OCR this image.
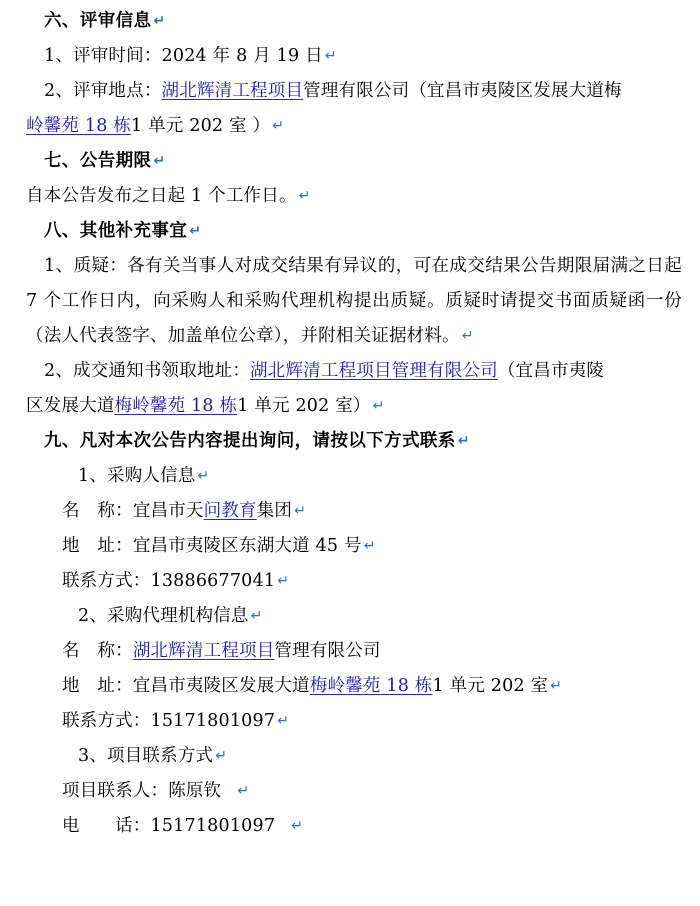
六、评审信息 ↵
1、评审时间：2024 年 8 月 19 日 ↵
2、评审地点：湖北辉清工程项目管理有限公司（宜昌市夷陵区发展大道梅
岭馨苑 18 栋1 单元 202 室 ） ↵
七、公告期限 ↵
自本公告发布之日起 1 个工作日。 ↵
八、其他补充事宜 ↵
1、质疑：各有关当事人对成交结果有异议的，可在成交结果公告期限届满之日起 7 个工作日内，向采购人和采购代理机构提出质疑。质疑时请提交书面质疑函一份（法人代表签字、加盖单位公章），并附相关证据材料。 ↵
2、成交通知书领取地址：湖北辉清工程项目管理有限公司（宜昌市夷陵
区发展大道梅岭馨苑 18 栋1 单元 202 室） ↵
九、凡对本次公告内容提出询问，请按以下方式联系 ↵
1、采购人信息 ↵
名　称：宜昌市天问教育集团 ↵
地　址：宜昌市夷陵区东湖大道 45 号 ↵
联系方式：13886677041 ↵
2、采购代理机构信息 ↵
名　称：湖北辉清工程项目管理有限公司
地　址：宜昌市夷陵区发展大道梅岭馨苑 18 栋1 单元 202 室 ↵
联系方式：15171801097 ↵
3、项目联系方式 ↵
项目联系人：陈原钦 ↵
电　　话：15171801097 ↵
